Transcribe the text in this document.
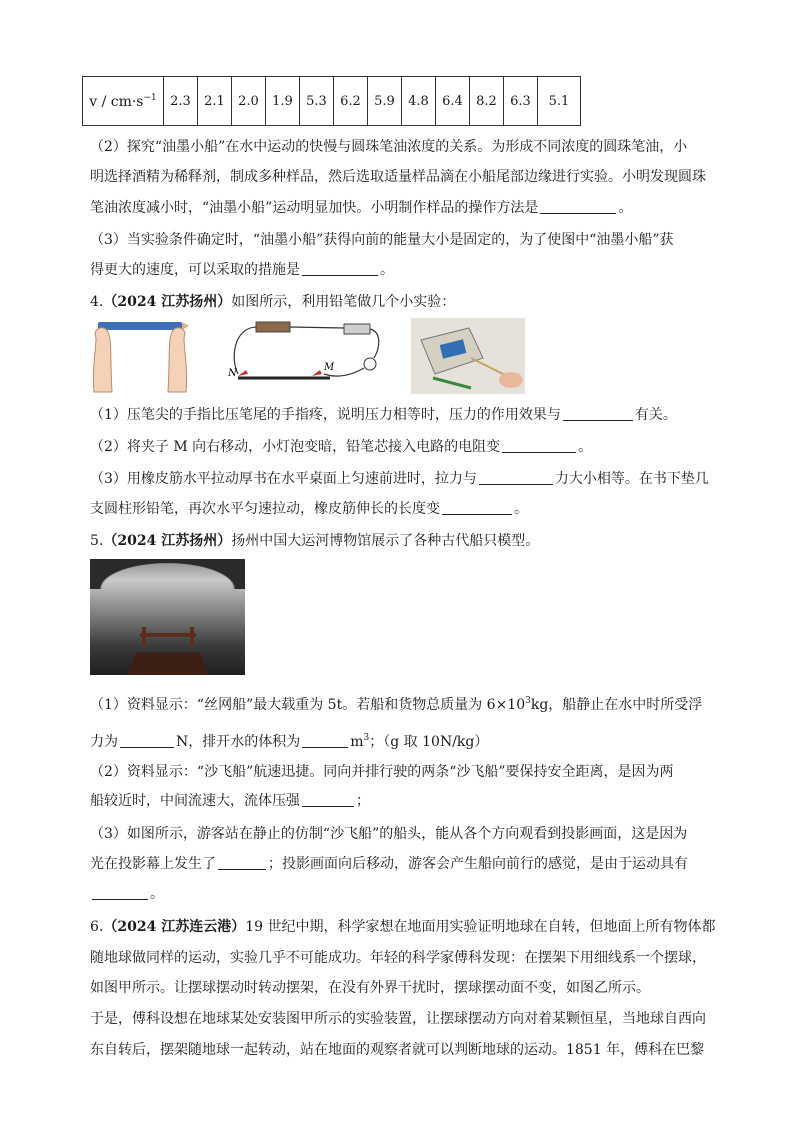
$v / cm\cdot s^{-1}$	2.3	2.1	2.0	1.9	5.3	6.2	5.9	4.8	6.4	8.2	6.3	5.1
（2）探究“油墨小船”在水中运动的快慢与圆珠笔油浓度的关系。为形成不同浓度的圆珠笔油，小
明选择酒精为稀释剂，制成多种样品，然后选取适量样品滴在小船尾部边缘进行实验。小明发现圆珠
笔油浓度减小时，“油墨小船”运动明显加快。小明制作样品的操作方法是	。
（3）当实验条件确定时，“油墨小船”获得向前的能量大小是固定的，为了使图中“油墨小船”获
得更大的速度，可以采取的措施是	。
4.（2024 江苏扬州）如图所示，利用铅笔做几个小实验：
N
M
（1）压笔尖的手指比压笔尾的手指疼，说明压力相等时，压力的作用效果与	有关。
（2）将夹子 M 向右移动，小灯泡变暗，铅笔芯接入电路的电阻变	。
（3）用橡皮筋水平拉动厚书在水平桌面上匀速前进时，拉力与	力大小相等。在书下垫几
支圆柱形铅笔，再次水平匀速拉动，橡皮筋伸长的长度变	。
5.（2024 江苏扬州）扬州中国大运河博物馆展示了各种古代船只模型。
（1）资料显示：“丝网船”最大载重为 5t。若船和货物总质量为 $6\times 10^3kg$，船静止在水中时所受浮
力为	N，排开水的体积为	$m^3$；（g 取 10N/kg）
（2）资料显示：“沙飞船”航速迅捷。同向并排行驶的两条“沙飞船”要保持安全距离，是因为两
船较近时，中间流速大，流体压强	；
（3）如图所示，游客站在静止的仿制“沙飞船”的船头，能从各个方向观看到投影画面，这是因为
光在投影幕上发生了	；投影画面向后移动，游客会产生船向前行的感觉，是由于运动具有
。
6.（2024 江苏连云港）19 世纪中期，科学家想在地面用实验证明地球在自转，但地面上所有物体都
随地球做同样的运动，实验几乎不可能成功。年轻的科学家傅科发现：在摆架下用细线系一个摆球，
如图甲所示。让摆球摆动时转动摆架，在没有外界干扰时，摆球摆动面不变，如图乙所示。
于是，傅科设想在地球某处安装图甲所示的实验装置，让摆球摆动方向对着某颗恒星，当地球自西向
东自转后，摆架随地球一起转动，站在地面的观察者就可以判断地球的运动。1851 年，傅科在巴黎
